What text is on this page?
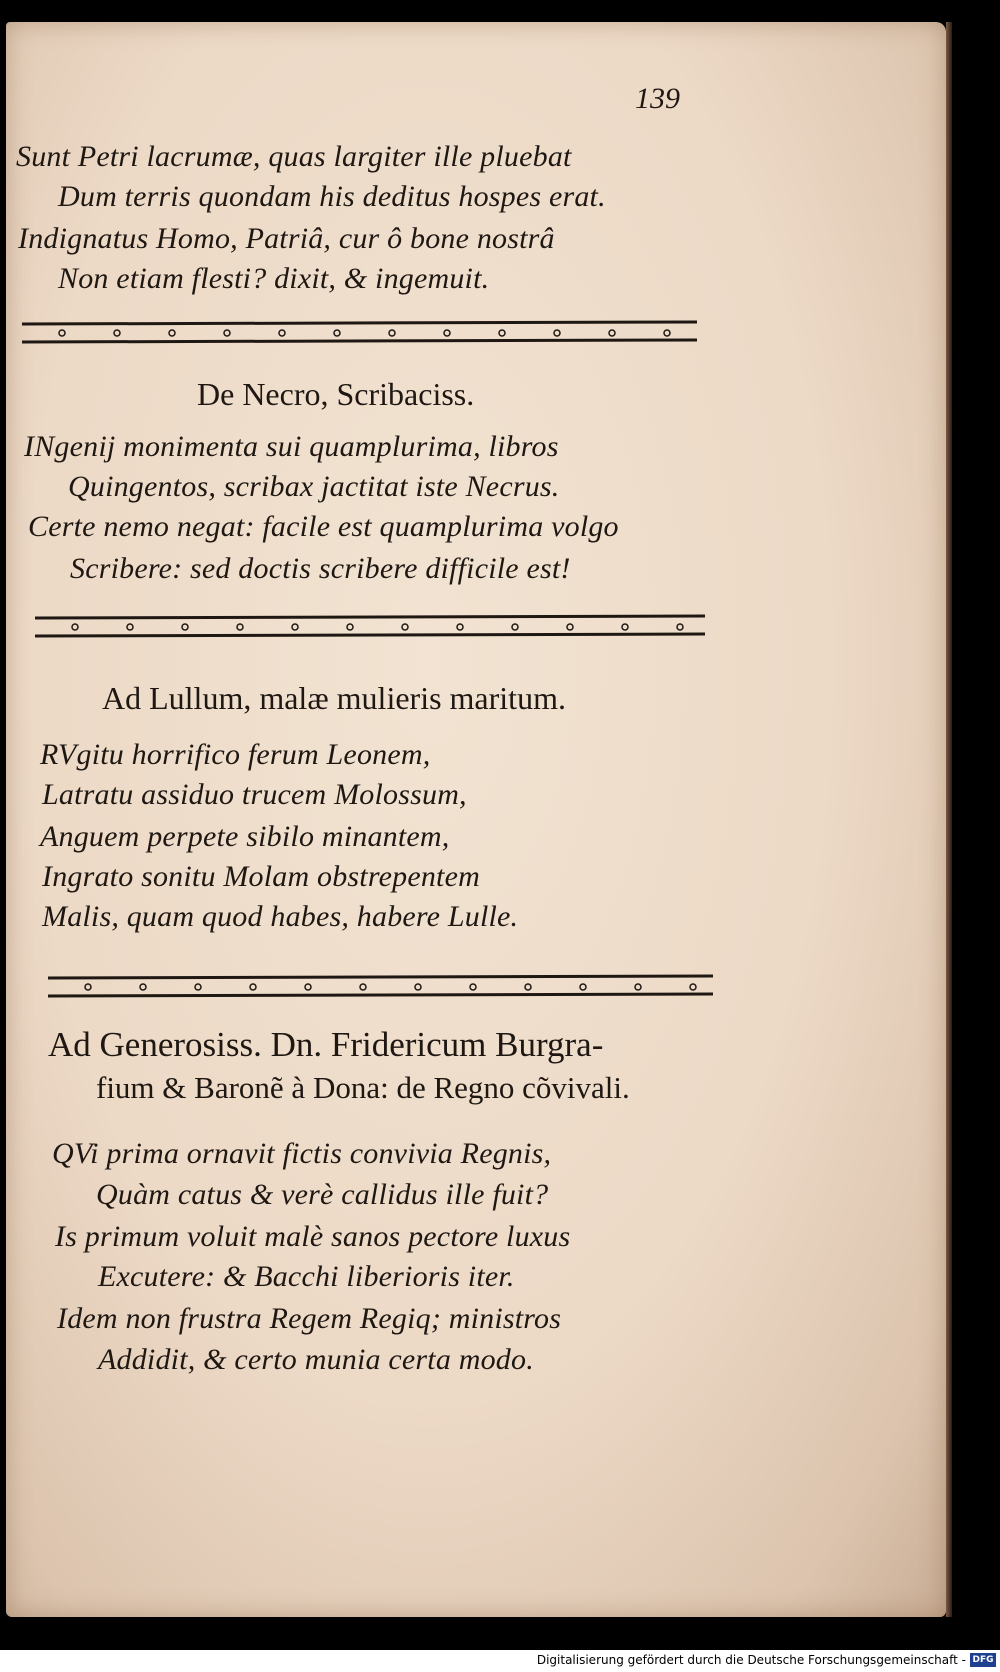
139
Sunt Petri lacrumæ, quas largiter ille pluebat
Dum terris quondam his deditus hospes erat.
Indignatus Homo, Patriâ, cur ô bone nostrâ
Non etiam flesti? dixit, & ingemuit.
De Necro, Scribaciss.
INgenij monimenta sui quamplurima, libros
Quingentos, scribax jactitat iste Necrus.
Certe nemo negat: facile est quamplurima volgo
Scribere: sed doctis scribere difficile est!
Ad Lullum, malæ mulieris maritum.
RVgitu horrifico ferum Leonem,
Latratu assiduo trucem Molossum,
Anguem perpete sibilo minantem,
Ingrato sonitu Molam obstrepentem
Malis, quam quod habes, habere Lulle.
Ad Generosiss. Dn. Fridericum Burgra-
fium & Baronẽ à Dona: de Regno cõvivali.
QVi prima ornavit fictis convivia Regnis,
Quàm catus & verè callidus ille fuit?
Is primum voluit malè sanos pectore luxus
Excutere: & Bacchi liberioris iter.
Idem non frustra Regem Regiq; ministros
Addidit, & certo munia certa modo.
Digitalisierung gefördert durch die Deutsche Forschungsgemeinschaft - DFG
